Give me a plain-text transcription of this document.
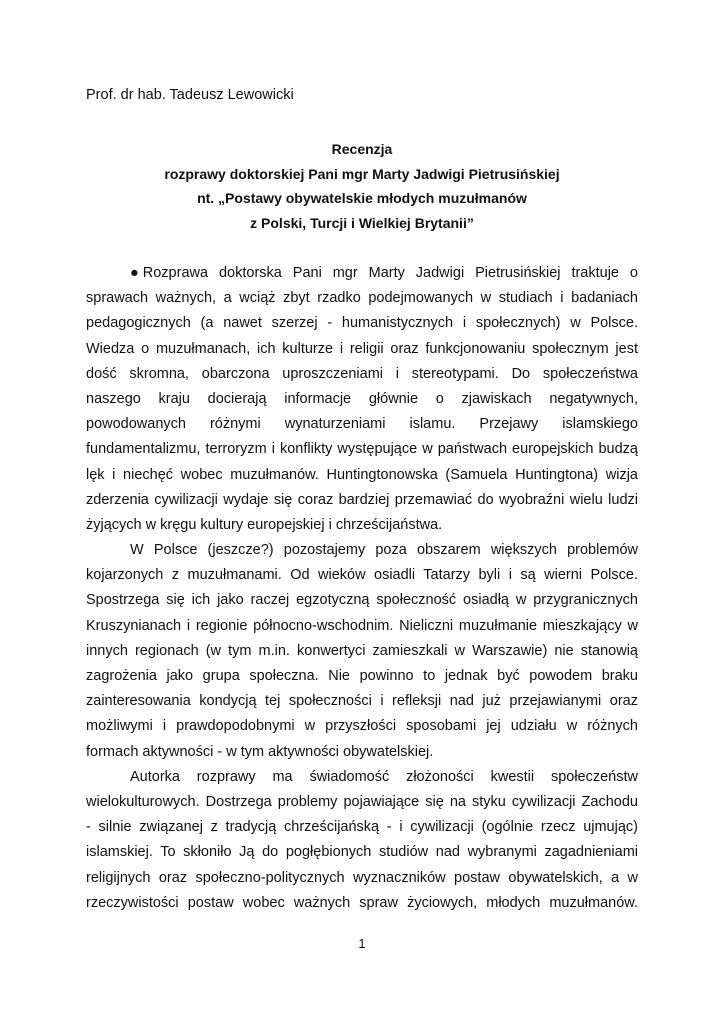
Prof. dr hab. Tadeusz Lewowicki
Recenzja
rozprawy doktorskiej Pani mgr Marty Jadwigi Pietrusińskiej
nt. „Postawy obywatelskie młodych muzułmanów
z Polski, Turcji i Wielkiej Brytanii”
● Rozprawa doktorska Pani mgr Marty Jadwigi Pietrusińskiej traktuje o
sprawach ważnych, a wciąż zbyt rzadko podejmowanych w studiach i badaniach
pedagogicznych (a nawet szerzej - humanistycznych i społecznych) w Polsce.
Wiedza o muzułmanach, ich kulturze i religii oraz funkcjonowaniu społecznym jest
dość skromna, obarczona uproszczeniami i stereotypami. Do społeczeństwa
naszego kraju docierają informacje głównie o zjawiskach negatywnych,
powodowanych różnymi wynaturzeniami islamu. Przejawy islamskiego
fundamentalizmu, terroryzm i konflikty występujące w państwach europejskich budzą
lęk i niechęć wobec muzułmanów. Huntingtonowska (Samuela Huntingtona) wizja
zderzenia cywilizacji wydaje się coraz bardziej przemawiać do wyobraźni wielu ludzi
żyjących w kręgu kultury europejskiej i chrześcijaństwa.
W Polsce (jeszcze?) pozostajemy poza obszarem większych problemów
kojarzonych z muzułmanami. Od wieków osiadli Tatarzy byli i są wierni Polsce.
Spostrzega się ich jako raczej egzotyczną społeczność osiadłą w przygranicznych
Kruszynianach i regionie północno-wschodnim. Nieliczni muzułmanie mieszkający w
innych regionach (w tym m.in. konwertyci zamieszkali w Warszawie) nie stanowią
zagrożenia jako grupa społeczna. Nie powinno to jednak być powodem braku
zainteresowania kondycją tej społeczności i refleksji nad już przejawianymi oraz
możliwymi i prawdopodobnymi w przyszłości sposobami jej udziału w różnych
formach aktywności - w tym aktywności obywatelskiej.
Autorka rozprawy ma świadomość złożoności kwestii społeczeństw
wielokulturowych. Dostrzega problemy pojawiające się na styku cywilizacji Zachodu
- silnie związanej z tradycją chrześcijańską - i cywilizacji (ogólnie rzecz ujmując)
islamskiej. To skłoniło Ją do pogłębionych studiów nad wybranymi zagadnieniami
religijnych oraz społeczno-politycznych wyznaczników postaw obywatelskich, a w
rzeczywistości postaw wobec ważnych spraw życiowych, młodych muzułmanów.
1
